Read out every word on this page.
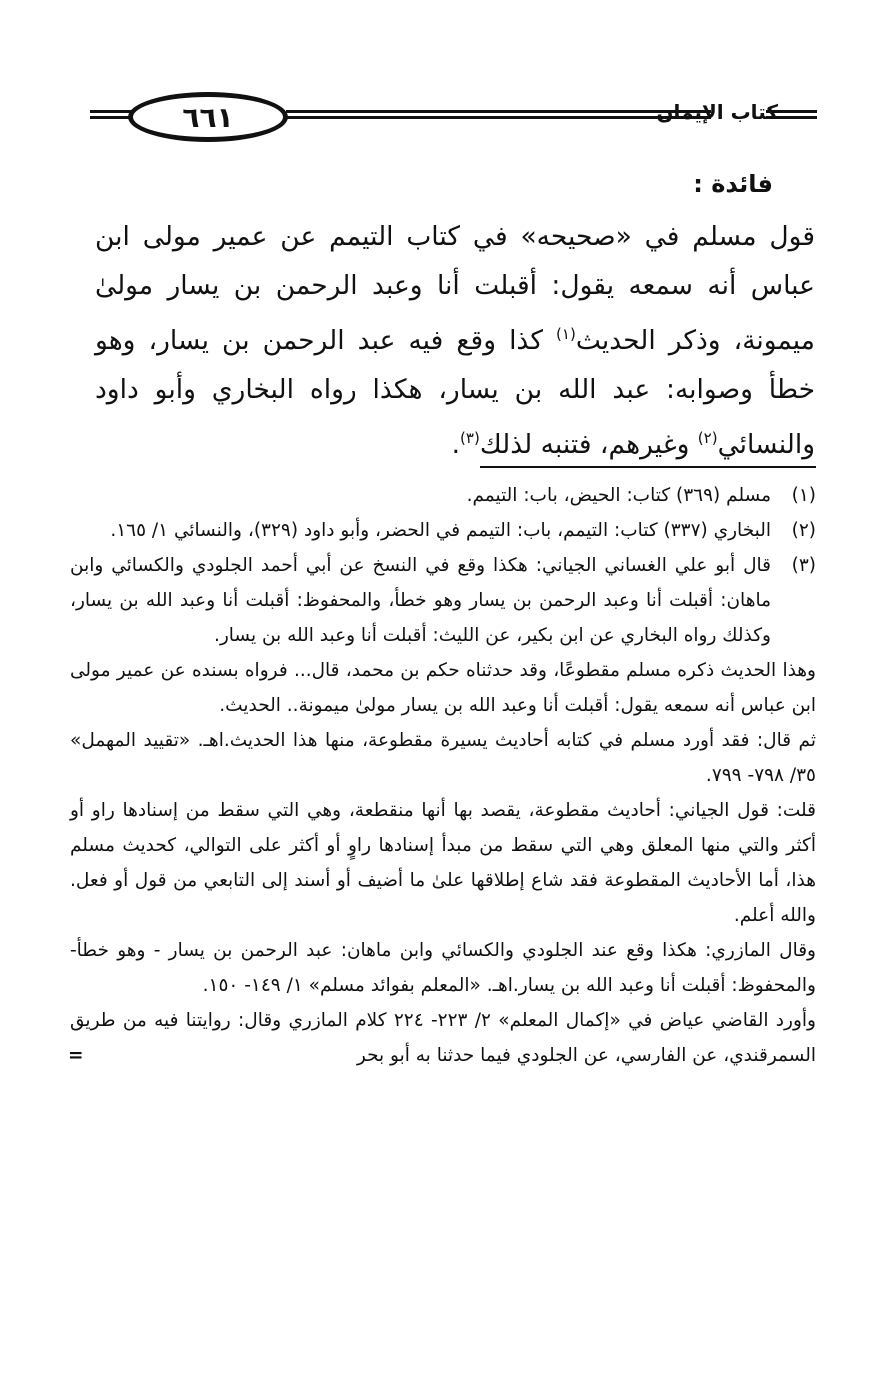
٦٦١	كتاب الإيمان
فائدة :
قول مسلم في «صحيحه» في كتاب التيمم عن عمير مولى ابن عباس أنه سمعه يقول: أقبلت أنا وعبد الرحمن بن يسار مولىٰ ميمونة، وذكر الحديث$^{(١)}$ كذا وقع فيه عبد الرحمن بن يسار، وهو خطأ وصوابه: عبد الله بن يسار، هكذا رواه البخاري وأبو داود والنسائي$^{(٢)}$ وغيرهم، فتنبه لذلك$^{(٣)}$.
(١)
مسلم (٣٦٩) كتاب: الحيض، باب: التيمم.
(٢)
البخاري (٣٣٧) كتاب: التيمم، باب: التيمم في الحضر، وأبو داود (٣٢٩)، والنسائي ١/ ١٦٥.
(٣)
قال أبو علي الغساني الجياني: هكذا وقع في النسخ عن أبي أحمد الجلودي والكسائي وابن ماهان: أقبلت أنا وعبد الرحمن بن يسار وهو خطأ، والمحفوظ: أقبلت أنا وعبد الله بن يسار، وكذلك رواه البخاري عن ابن بكير، عن الليث: أقبلت أنا وعبد الله بن يسار.
وهذا الحديث ذكره مسلم مقطوعًا، وقد حدثناه حكم بن محمد، قال... فرواه بسنده عن عمير مولى ابن عباس أنه سمعه يقول: أقبلت أنا وعبد الله بن يسار مولىٰ ميمونة.. الحديث.
ثم قال: فقد أورد مسلم في كتابه أحاديث يسيرة مقطوعة، منها هذا الحديث.اهـ. «تقييد المهمل» ٣٥/ ٧٩٨- ٧٩٩.
قلت: قول الجياني: أحاديث مقطوعة، يقصد بها أنها منقطعة، وهي التي سقط من إسنادها راو أو أكثر والتي منها المعلق وهي التي سقط من مبدأ إسنادها راوٍ أو أكثر على التوالي، كحديث مسلم هذا، أما الأحاديث المقطوعة فقد شاع إطلاقها علىٰ ما أضيف أو أسند إلى التابعي من قول أو فعل. والله أعلم.
وقال المازري: هكذا وقع عند الجلودي والكسائي وابن ماهان: عبد الرحمن بن يسار - وهو خطأ- والمحفوظ: أقبلت أنا وعبد الله بن يسار.اهـ. «المعلم بفوائد مسلم» ١/ ١٤٩- ١٥٠.
وأورد القاضي عياض في «إكمال المعلم» ٢/ ٢٢٣- ٢٢٤ كلام المازري وقال: روايتنا فيه من طريق السمرقندي، عن الفارسي، عن الجلودي فيما حدثنا به أبو بحر
=
